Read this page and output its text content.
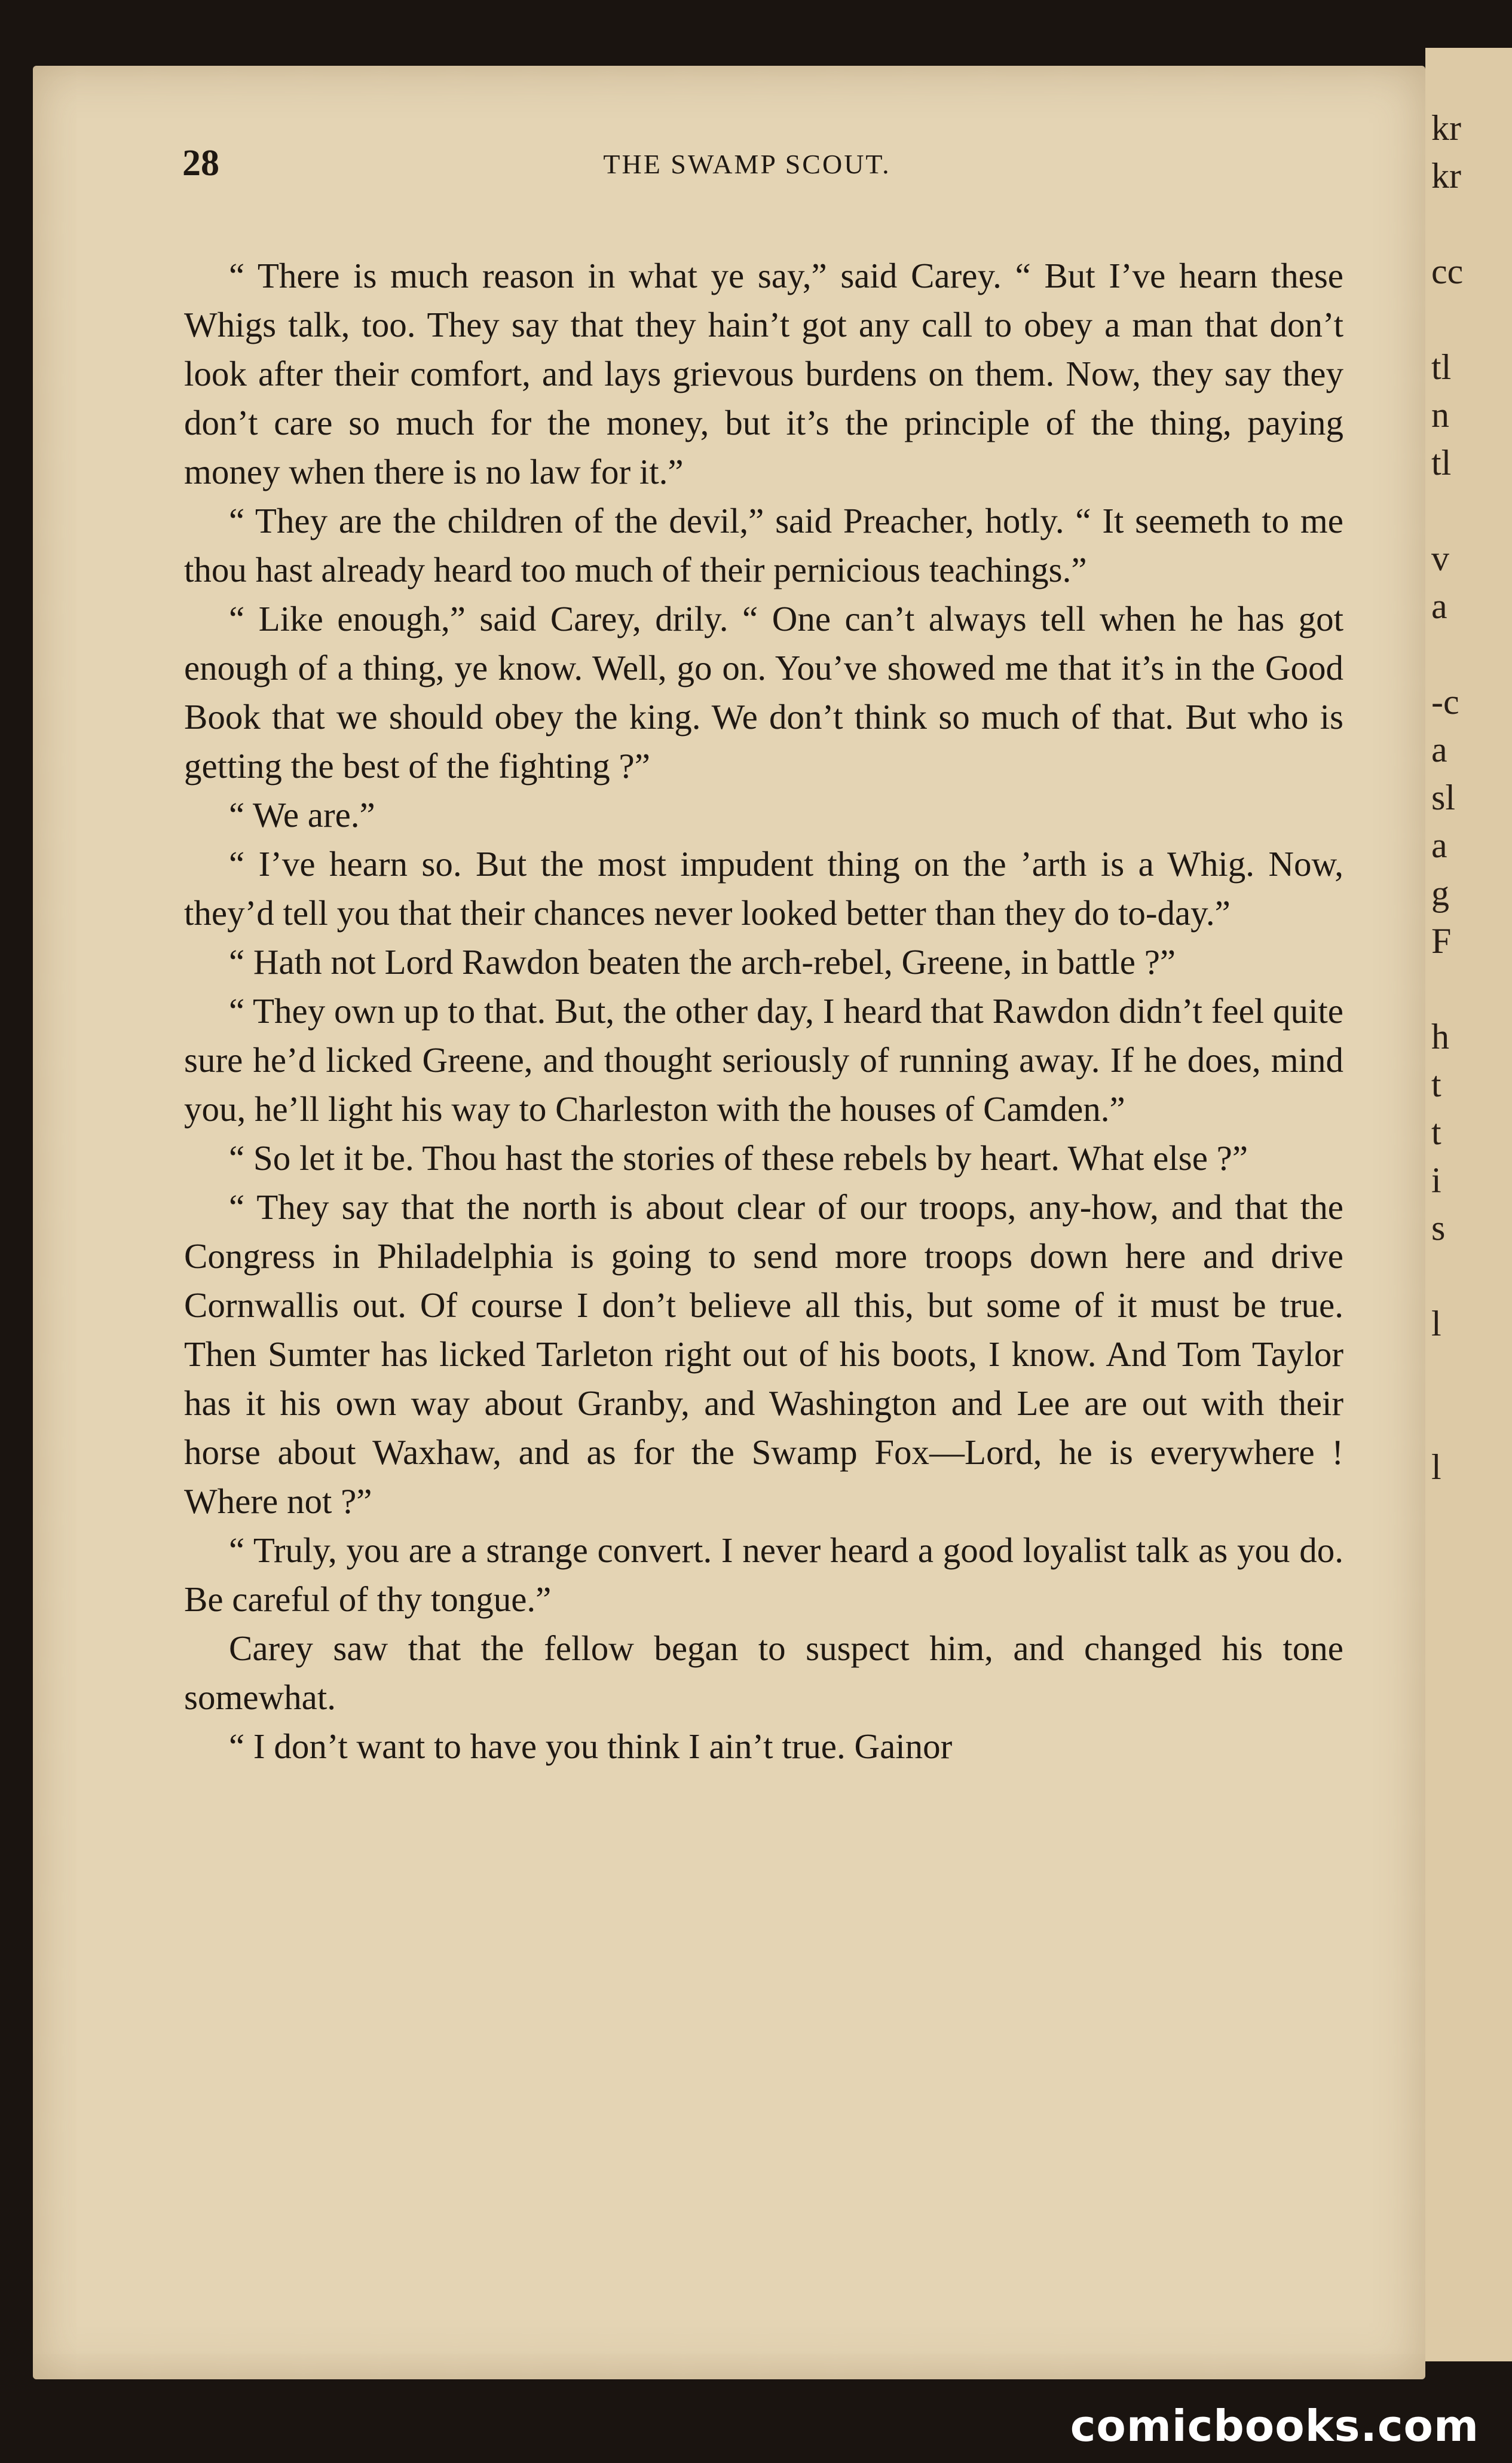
kr
kr
cc
tl
n
tl
v
a
-c
a
sl
a
g
F
h
t
t
i
s
l
l
28	THE SWAMP SCOUT.

“ There is much reason in what ye say,” said Carey. “ But I’ve hearn these Whigs talk, too. They say that they hain’t got any call to obey a man that don’t look after their comfort, and lays grievous burdens on them. Now, they say they don’t care so much for the money, but it’s the principle of the thing, paying money when there is no law for it.”

“ They are the children of the devil,” said Preacher, hotly. “ It seemeth to me thou hast already heard too much of their pernicious teachings.”

“ Like enough,” said Carey, drily. “ One can’t always tell when he has got enough of a thing, ye know. Well, go on. You’ve showed me that it’s in the Good Book that we should obey the king. We don’t think so much of that. But who is getting the best of the fighting ?”

“ We are.”

“ I’ve hearn so. But the most impudent thing on the ’arth is a Whig. Now, they’d tell you that their chances never looked better than they do to-day.”

“ Hath not Lord Rawdon beaten the arch-rebel, Greene, in battle ?”

“ They own up to that. But, the other day, I heard that Rawdon didn’t feel quite sure he’d licked Greene, and thought seriously of running away. If he does, mind you, he’ll light his way to Charleston with the houses of Camden.”

“ So let it be. Thou hast the stories of these rebels by heart. What else ?”

“ They say that the north is about clear of our troops, any-how, and that the Congress in Philadelphia is going to send more troops down here and drive Cornwallis out. Of course I don’t believe all this, but some of it must be true. Then Sumter has licked Tarleton right out of his boots, I know. And Tom Taylor has it his own way about Granby, and Washington and Lee are out with their horse about Waxhaw, and as for the Swamp Fox—Lord, he is everywhere ! Where not ?”

“ Truly, you are a strange convert. I never heard a good loyalist talk as you do. Be careful of thy tongue.”

Carey saw that the fellow began to suspect him, and changed his tone somewhat.

“ I don’t want to have you think I ain’t true. Gainor

comicbooks.com
